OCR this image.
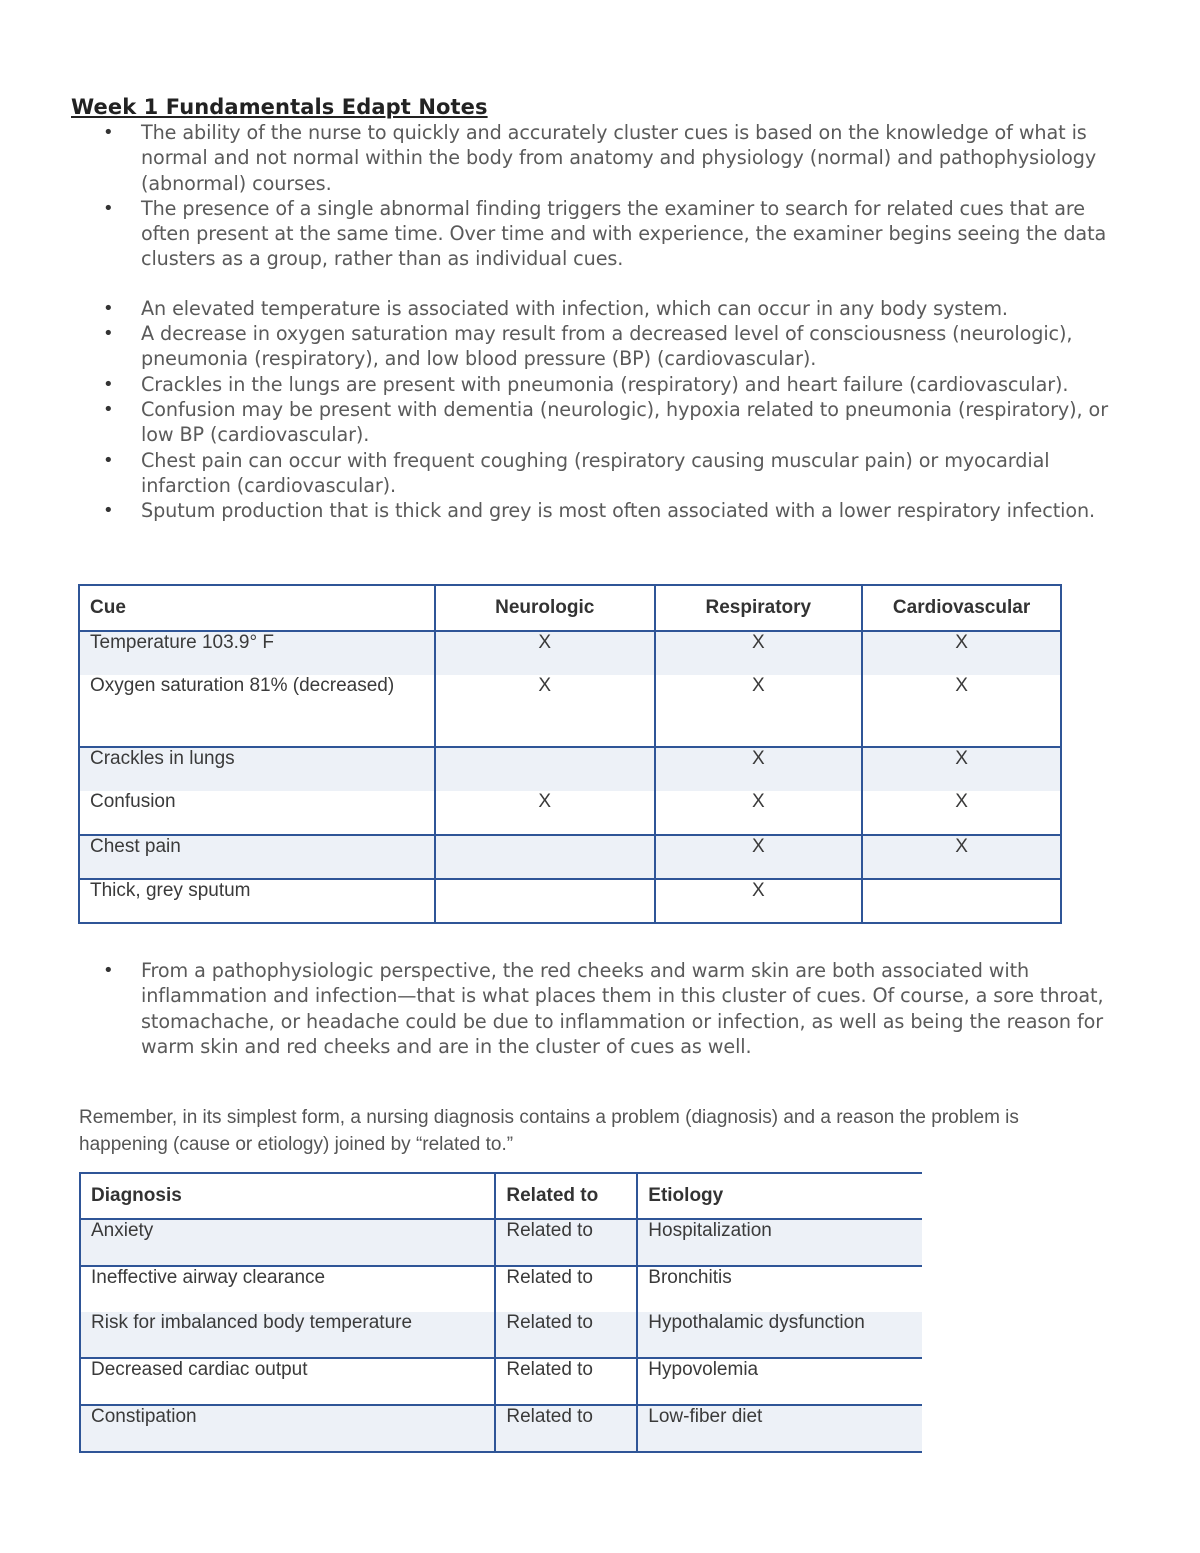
Week 1 Fundamentals Edapt Notes
• The ability of the nurse to quickly and accurately cluster cues is based on the knowledge of what is normal and not normal within the body from anatomy and physiology (normal) and pathophysiology (abnormal) courses.
• The presence of a single abnormal finding triggers the examiner to search for related cues that are often present at the same time. Over time and with experience, the examiner begins seeing the data clusters as a group, rather than as individual cues.
• An elevated temperature is associated with infection, which can occur in any body system.
• A decrease in oxygen saturation may result from a decreased level of consciousness (neurologic), pneumonia (respiratory), and low blood pressure (BP) (cardiovascular).
• Crackles in the lungs are present with pneumonia (respiratory) and heart failure (cardiovascular).
• Confusion may be present with dementia (neurologic), hypoxia related to pneumonia (respiratory), or low BP (cardiovascular).
• Chest pain can occur with frequent coughing (respiratory causing muscular pain) or myocardial infarction (cardiovascular).
• Sputum production that is thick and grey is most often associated with a lower respiratory infection.
Cue	Neurologic	Respiratory	Cardiovascular
Temperature 103.9° F	X	X	X
Oxygen saturation 81% (decreased)	X	X	X
Crackles in lungs		X	X
Confusion	X	X	X
Chest pain		X	X
Thick, grey sputum		X	
• From a pathophysiologic perspective, the red cheeks and warm skin are both associated with inflammation and infection—that is what places them in this cluster of cues. Of course, a sore throat, stomachache, or headache could be due to inflammation or infection, as well as being the reason for warm skin and red cheeks and are in the cluster of cues as well.
Remember, in its simplest form, a nursing diagnosis contains a problem (diagnosis) and a reason the problem is happening (cause or etiology) joined by “related to.”
Diagnosis	Related to	Etiology
Anxiety	Related to	Hospitalization
Ineffective airway clearance	Related to	Bronchitis
Risk for imbalanced body temperature	Related to	Hypothalamic dysfunction
Decreased cardiac output	Related to	Hypovolemia
Constipation	Related to	Low-fiber diet
